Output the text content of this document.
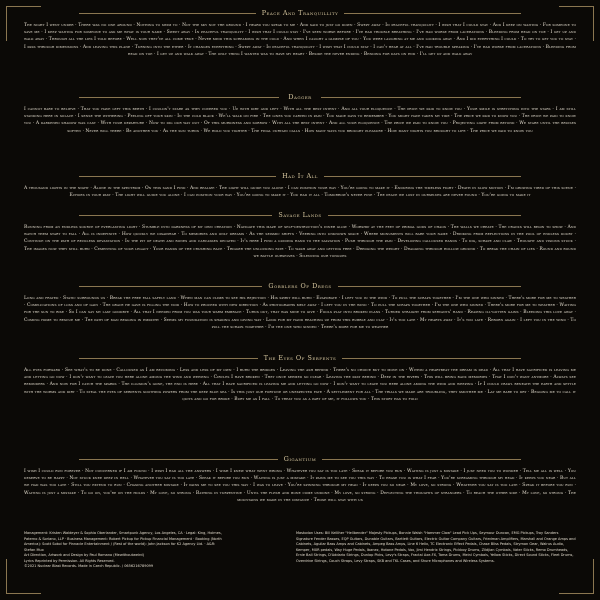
Peace And Tranquillity
The night I went under · There was no one around · Nothing to swim to · Not the sky not the ground · I heard you speak to me · And said to just go down · Swept away · In peaceful tranquility · I wish that I could stay · And I keep on waiting · For someone to save me · I keep waiting for someone to ask me what is your name · Swept away · In peaceful tranquility · I wish that I could stay · I've seen worse before · I've had trouble breathing · I've had worse from lacerations · Bleeding from head on toe · I get up and walk away · Through all the lies I told before · Well now they've all come true · Never mind this screaming in the cold · And when I caught a glimpse of you · You were laughing at me and looking away · And I did everything I could · To try to get you to stay · I pass through dimensions · And leaving this plane · Turning into the ether · It changes everything · Swept away · In peaceful tranquility · I wish that I could stay · I can't hear at all · I've had trouble speaking · I've had worse from lacerations · Bleeding from head on toe · I get up and walk away · The only thing I wanted was to have my heart · Beside the never ending · Bending for days on end · I'll get up and walk away
Dagger
I cannot bare to believe · That you have left this berth · I couldn't stare as they covered you · Up with dirt and left · With all the best intent · And all your eloquence · The price we paid to know you · Your smile is stretching into the stars · I am still standing here in solace · I sense the withering · Peeling off your skin · In the cold black · We'll walk on fire · The lines you carved in pain · You made days to remember · You might have taken my tide · The price we paid to know you · The price we paid to know you · A darkened shadow was cast · With your departure · Now to dig our way out · Of this murkiness and sorrow · With all the best intent · And all your eloquence · The price we paid to know you · Projecting light from beyond · We stare until the bruises soften · Never will there · Be another you · As the sun turns · We hold you tighter · The final curtain calls · How many ways you brought pleasure · How many nights you brought to life · The price we paid to know you
Had It All
A thousand lights in the night · Alone in the spectrum · On this sand I find · And realize · The light will guide you alone · I can position your way · You're going to make it · Enduring the timeless fight · Death in slow motion · I'm growing tired of this scene · Echoes in your past · The light will guide you alone · I can position your way · You're going to make it · You had it all · Tomorrow's never fine · The peace we lost in ourselves are never found · You're going to make it
Savage Lands
Running from an endless source of everlasting light · Stumble into darkness of my own creation · Navigate this maze of self-destruction's inner glow · Worship at the feet of primal gods of chaos · The walls we create · The cracks will begin to show · And watch them start to fall · All is indefinite · How quickly we disappear · To memories and only dreams · As the seismic shifts · Veering into unknown space · Where monuments will bare your name · Drinking from reflections in the pool of endless doubt · Continue on the path of reckless devastation · In the pit of death and bones and carcasses decayed · It's here I find a guiding hand to the salvation · Push through the pain · Developing calloused hands · To dig, scrape and claw · Thought and visions stuck · The images now they still burn · Cementing of your legacy · Your hands of the crushing race · Trigger the unlocking fate · To wash away and letting free · Dredging the weight · Dragging through hollow ground · To break the chain of lies · Round and round we battle ourselves · Silencing our tongues
Gobblers Of Dregs
Long and frayed · Static surrounds us · Break the free fall safely land · When man can climb to see his rejection · His spirit will burn · Evaporate · I left you in the wind · To pull the scraps together · I'm the one who sinned · There's more for me to weather · Complications of loss and of gain · The grace he gave is filling the void · How to proceed with new direction · As photographs melt away · I left you in the wind · To pull the scraps together · I'm the one who sinned · There's more for me to weather · Waiting for the sun to rise · So I can say my last goodbye · All that I needed from you was your warm embrace · Turns out, that was mine to give · Fools play into broken plans · Turned straight from servants' hand · Reaping ill-gotten gains · Bleeding this love away · Coming home to rescue me · The path of man begging in empathy · Seems my foundation is shaking and giving way · Look for my hand reaching up from this rubble and clay · It's too late · My hearts away · It's too late · Reborn again · I left you in the wind · To pull the scraps together · I'm the one who sinned · There's more for me to weather
The Eyes Of Serpents
All eyes forward · See what's to be done · Calloused as I am becoming · Less and less of my own · I burn the bridges · Leaving the ash behind · There's no choice but to move on · Within a heartbeat the dream is dead · All that I have sacrificed is leaving me and letting go now · I don't want to leave you here alone among the wind and weeping · Circles I have broken · They once seemed so clear · Leaving the past behind · Deep in the rivers · This will bring back memories · That I don't want anymore · Always see reminders · And now for I catch the sparks · The illusion's gone, the end is here · All that I have sacrificed is leaving me and letting go now · I don't want to leave you here alone among the wind and weeping · If I could crawl beneath the earth and settle with the worms and dirt · To steal the eyes of serpents soothing powers from the deep blue sea · Is this just our fortune or unexpected fate · A settlement for all · The trials we made are troubling, they smother me · Lay me bare to dry · Begging me to call it quits and go for broke · Bury me as I fall · To treat you as a part of me, it follows you · This story has to fold
Gigantium
I wish I could run forever · Not concerned if I am found · I wish I had all the answers · I wish I knew what went wrong · Whatever you say is too late · Speak it before you run · Waiting is just a mistake · I just need you to wonder · Tell me all is well · You deserve to be happy · Not stuck knee deep in hell · Whatever you say is too late · Speak it before you run · Waiting is just a mistake · It pains me to see you this way · To erase you is what I fear · You're screaming through my head · It keeps you near · But all we had was too late · Still you extend to run · Chasing another mistake · It pains me to see you this way · I was to leave · You're spinning through my head · It keeps you so near · My love, so strong · Whatever you say is too late · Speak it before you run · Waiting is just a mistake · To go on, you're on the holds · My love, so strong · Bathing in turpentine · Until the flesh and bone come undone · My love, so strong · Deflecting the thoughts of strangers · To reach the other side · My love, so strong · The mountains we made in the distance · Those will stay with us

Management: Kristen Waldeyer & Sophia Oberlander, Smartpunk Agency, Los Angeles, CA · Legal: King, Holmes, Paterno & Soriano, LLP · Business Management: Robert Pickup for Pickup Financial Management · Booking (North America): Scott Sokol for Pinnacle Entertainment / (Rest of the world): John Jackson for K2 Agency Ltd. · A&R: Stefan Mux

Art Direction, Artwork and Design by Paul Romano (Mewithoutweird)

Lyrics Reprinted by Permission. All Rights Reserved.

©2021 Nuclear Blast Records. Made in Czech Republic. / 0656216789099

Mastodon Uses: Bill Kelliher "Hellbender" Majesty Pickups, Bonnie Walsh "Hammer Claw" Lead Pick Ups, Seymour Duncan, EMG Pickups, Troy Sanders Signature Fender Basses, EQP Guitars, Dunable Guitars, Bartlett Guitars, Electric Guitar Company Guitars, Friedman Amplifiers, Marshall and Orange Amps and Cabinets, Aguilar Bass Amps and Cabinets, Ampeg Bass Amps, Line 6 Helix, TC Electronic Effect Pedals, Chase Bliss Pedals, Strymon Gear, Walrus Audio, Kemper, MXR pedals, Way Huge Pedals, Ibanez, Hotone Pedals, Vox, Jimi Hendrix Strings, Pickboy Drums, Zildjian Cymbals, Vater Sticks, Remo Drumheads, Ernie Ball Strings, D'Addario Strings, Dunlop Picks, Levy's Straps, Fractal Axe-FX, Tama Drums, Meinl Cymbals, Yellow Sticks, Direct Sound Sticks, Fleet Drums, Overdrive Strings, Couch Straps, Levy Straps, SKB and TKL Cases, and Shure Microphones and Wireless Systems.
